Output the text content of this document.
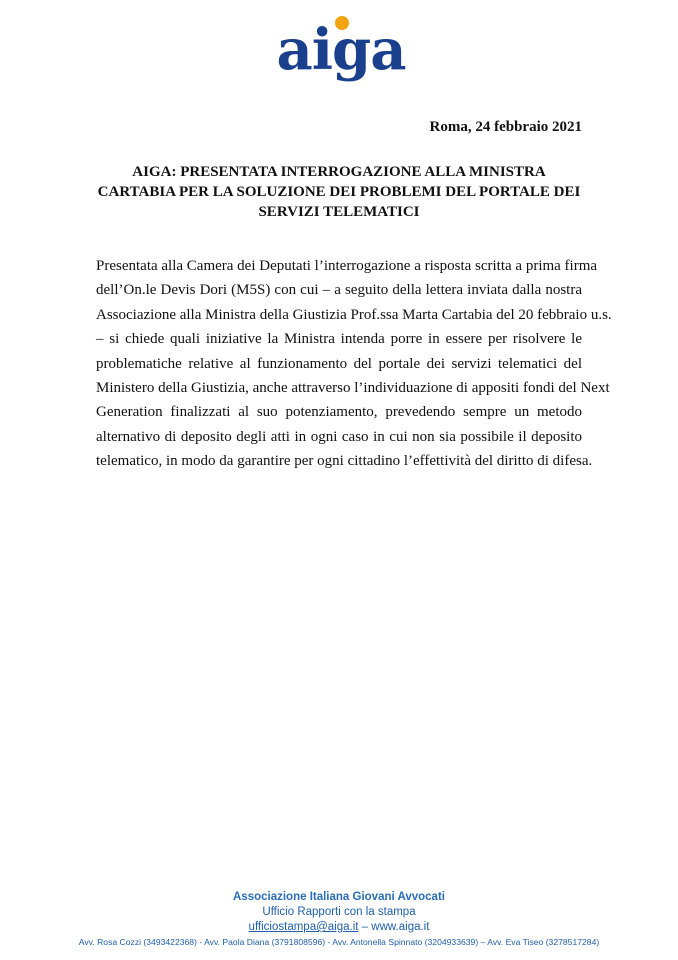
aiga
Roma, 24 febbraio 2021
AIGA: PRESENTATA INTERROGAZIONE ALLA MINISTRA
CARTABIA PER LA SOLUZIONE DEI PROBLEMI DEL PORTALE DEI
SERVIZI TELEMATICI
Presentata alla Camera dei Deputati l’interrogazione a risposta scritta a prima firma
dell’On.le Devis Dori (M5S) con cui – a seguito della lettera inviata dalla nostra
Associazione alla Ministra della Giustizia Prof.ssa Marta Cartabia del 20 febbraio u.s.
– si chiede quali iniziative la Ministra intenda porre in essere per risolvere le
problematiche relative al funzionamento del portale dei servizi telematici del
Ministero della Giustizia, anche attraverso l’individuazione di appositi fondi del Next
Generation finalizzati al suo potenziamento, prevedendo sempre un metodo
alternativo di deposito degli atti in ogni caso in cui non sia possibile il deposito
telematico, in modo da garantire per ogni cittadino l’effettività del diritto di difesa.
Associazione Italiana Giovani Avvocati
Ufficio Rapporti con la stampa
ufficiostampa@aiga.it – www.aiga.it
Avv. Rosa Cozzi (3493422368) - Avv. Paola Diana (3791808596) - Avv. Antonella Spinnato (3204933639) – Avv. Eva Tiseo (3278517284)
